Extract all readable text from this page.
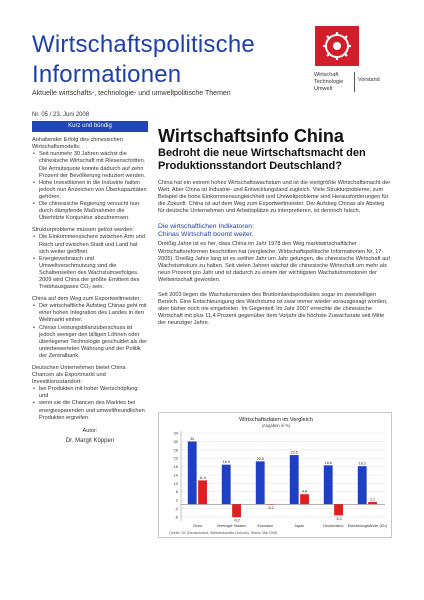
Wirtschaftspolitische
Informationen
Aktuelle wirtschafts-, technologie- und umweltpolitische Themen
Wirtschaft
Technologie
Umwelt
Vorstand
Nr. 05 / 23. Juni 2008
Kurz und bündig
Anhaltender Erfolg des chinesischen Wirtschaftsmodells:
• Seit nunmehr 30 Jahren wächst die chinesische Wirtschaft mit Riesenschritten. Die Armutsquote konnte dadurch auf zehn Prozent der Bevölkerung reduziert werden.
• Hohe Investitionen in die Industrie halten jedoch nun Anzeichen von Überkapazitäten gehören.
• Die chinesische Regierung versucht nun durch dämpfende Maßnahmen die Überhitzte Konjunktur abzubremsen.
Strukturprobleme müssen gelöst werden:
• Die Einkommensschere zwischen Arm und Reich und zwischen Stadt und Land hat sich weiter geöffnet.
• Energieverbrauch und Umweltverschmutzung sind die Schattenseiten des Wachstumserfolges. 2009 wird China der größte Emittent des Treibhausgases CO₂ sein.
China auf dem Weg zum Exportweltmeister:
• Der wirtschaftliche Aufstieg Chinas geht mit einer hohen Integration des Landes in den Weltmarkt einher.
• Chinas Leistungsbilanzüberschuss ist jedoch weniger den billigen Löhnen oder überlegener Technologie geschuldet als der unterbewerteten Währung und der Politik der Zentralbank.
Deutschen Unternehmen bietet China Chancen als Exportmarkt und Investitionsstandort:
• bei Produkten mit hoher Wertschöpfung und
• wenn sie die Chancen des Marktes bei energiesparenden und umweltfreundlichen Produkten ergreifen.
Autor:
Dr. Margit Köppen
Wirtschaftsinfo China
Bedroht die neue Wirtschaftsmacht den Produktionsstandort Deutschland?

China hat ein extrem hohes Wirtschaftswachstum und ist die viertgrößte Wirtschaftsmacht der Welt. Aber China ist Industrie- und Entwicklungsland zugleich. Viele Strukturprobleme, zum Beispiel die hohe Einkommensungleichheit und Umweltprobleme sind Herausforderungen für die Zukunft. China ist auf dem Weg zum Exportweltmeister. Der Aufstieg Chinas als Abstieg für deutsche Unternehmen und Arbeitsplätze zu interpretieren, ist dennoch falsch.

Die wirtschaftlichen Indikatoren:
Chinas Wirtschaft boomt weiter.

Dreißig Jahre ist es her, dass China im Jahr 1978 den Weg marktwirtschaftlicher Wirtschaftsreformen beschritten hat (vergleiche: Wirtschaftspolitische Informationen Nr. 17-2005). Dreißig Jahre lang ist es seither Jahr um Jahr gelungen, die chinesische Wirtschaft auf Wachstumskurs zu halten. Seit vielen Jahren wächst die chinesische Wirtschaft um mehr als neun Prozent pro Jahr und ist dadurch zu einem der wichtigsten Wachstumsmotoren der Weltwirtschaft geworden.

Seit 2003 liegen die Wachstumsraten des Bruttoinlandsproduktes sogar im zweistelligen Bereich. Eine Entschleunigung des Wachstums ist zwar immer wieder vorausgesagt worden, aber bisher noch nie eingetreten. Im Gegenteil: Im Jahr 2007 erreichte die chinesische Wirtschaft mit plus 11,4 Prozent gegenüber dem Vorjahr die höchste Zuwachsrate seit Mitte der neunziger Jahre.

Wirtschaftsdaten im Vergleich
(Angaben in %)
-6
-2
2
6
10
14
18
22
26
30
34
30
11.4
China
18.9
-6.2
Vereinigte Staaten
20.5
-0.2
Euroraum
23.5
4.8
Japan
18.6
-5.3
Deutschland
18.2
1.1
Entwicklungsländer (EU)
Quelle: IW (Deutschland, Weltwirtschafts-Outlook), Stand: Mai 2008
